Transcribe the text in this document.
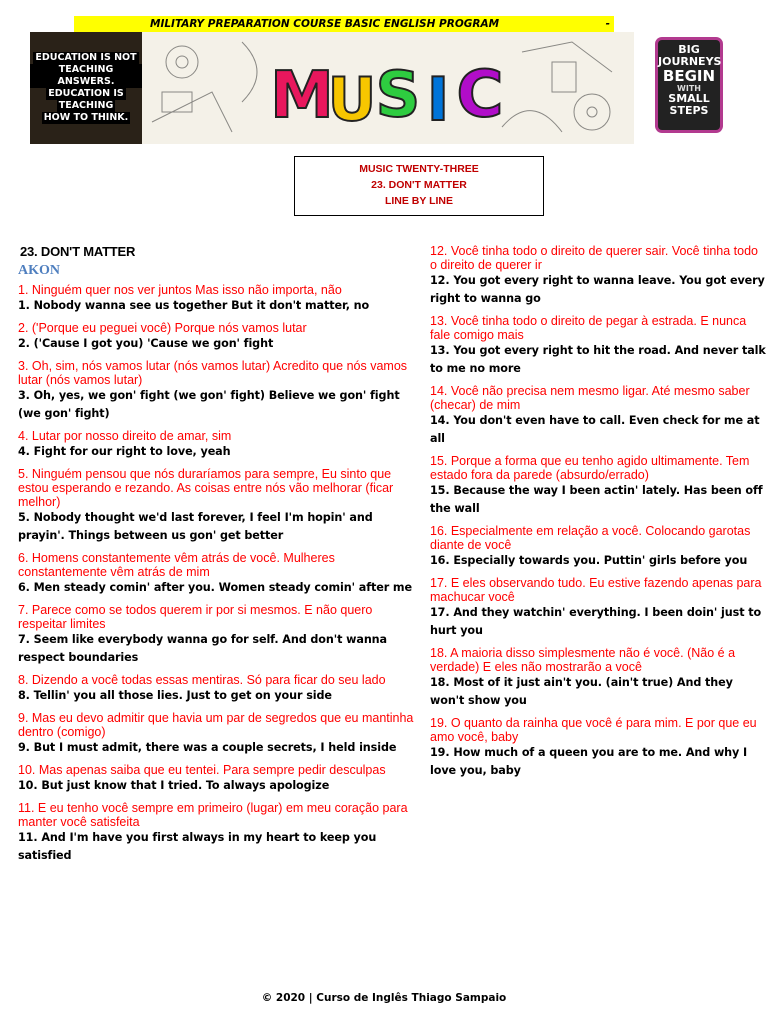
MILITARY PREPARATION COURSE BASIC ENGLISH PROGRAM	-
EDUCATION IS NOT
TEACHING ANSWERS.
EDUCATION IS
TEACHING
HOW TO THINK. M
U S I C
BIG
JOURNEYS
BEGIN
WITH
SMALL
STEPS
MUSIC TWENTY-THREE
23. DON'T MATTER
LINE BY LINE
23. DON'T MATTER
AKON
1. Ninguém quer nos ver juntos Mas isso não importa, não
1. Nobody wanna see us together But it don't matter, no
2. ('Porque eu peguei você) Porque nós vamos lutar
2. ('Cause I got you) 'Cause we gon' fight
3. Oh, sim, nós vamos lutar (nós vamos lutar) Acredito que nós vamos lutar (nós vamos lutar)
3. Oh, yes, we gon' fight (we gon' fight) Believe we gon' fight (we gon' fight)
4. Lutar por nosso direito de amar, sim
4. Fight for our right to love, yeah
5. Ninguém pensou que nós duraríamos para sempre, Eu sinto que estou esperando e rezando. As coisas entre nós vão melhorar (ficar melhor)
5. Nobody thought we'd last forever, I feel I'm hopin' and prayin'. Things between us gon' get better
6. Homens constantemente vêm atrás de você. Mulheres constantemente vêm atrás de mim
6. Men steady comin' after you. Women steady comin' after me
7. Parece como se todos querem ir por si mesmos. E não quero respeitar limites
7. Seem like everybody wanna go for self. And don't wanna respect boundaries
8. Dizendo a você todas essas mentiras. Só para ficar do seu lado
8. Tellin' you all those lies. Just to get on your side
9. Mas eu devo admitir que havia um par de segredos que eu mantinha dentro (comigo)
9. But I must admit, there was a couple secrets, I held inside
10. Mas apenas saiba que eu tentei. Para sempre pedir desculpas
10. But just know that I tried. To always apologize
11. E eu tenho você sempre em primeiro (lugar) em meu coração para manter você satisfeita
11. And I'm have you first always in my heart to keep you satisfied
12. Você tinha todo o direito de querer sair. Você tinha todo o direito de querer ir
12. You got every right to wanna leave. You got every right to wanna go
13. Você tinha todo o direito de pegar à estrada. E nunca fale comigo mais
13. You got every right to hit the road. And never talk to me no more
14. Você não precisa nem mesmo ligar. Até mesmo saber (checar) de mim
14. You don't even have to call. Even check for me at all
15. Porque a forma que eu tenho agido ultimamente. Tem estado fora da parede (absurdo/errado)
15. Because the way I been actin' lately. Has been off the wall
16. Especialmente em relação a você. Colocando garotas diante de você
16. Especially towards you. Puttin' girls before you
17. E eles observando tudo. Eu estive fazendo apenas para machucar você
17. And they watchin' everything. I been doin' just to hurt you
18. A maioria disso simplesmente não é você. (Não é a verdade) E eles não mostrarão a você
18. Most of it just ain't you. (ain't true) And they won't show you
19. O quanto da rainha que você é para mim. E por que eu amo você, baby
19. How much of a queen you are to me. And why I love you, baby
© 2020 | Curso de Inglês Thiago Sampaio
